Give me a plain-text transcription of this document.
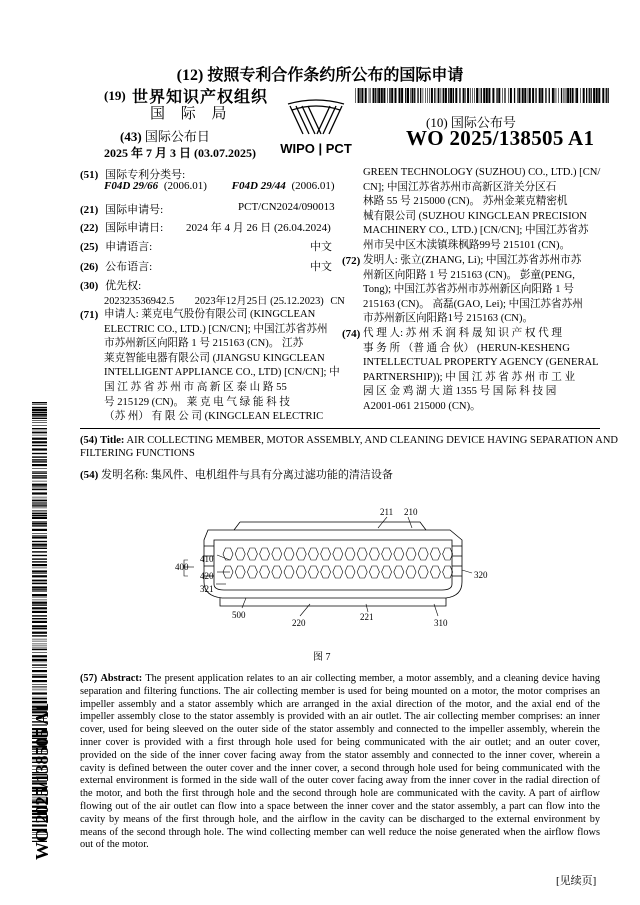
(12) 按照专利合作条约所公布的国际申请
(19) 世界知识产权组织
国 际 局
(43) 国际公布日
2025 年 7 月 3 日 (03.07.2025) WIPO | PCT
(10) 国际公布号
WO 2025/138505 A1
WO 2025/138505 A1
(51) 国际专利分类号:
F04D 29/66 (2006.01) F04D 29/44 (2006.01)
(21) 国际申请号:	PCT/CN2024/090013
(22) 国际申请日: 2024 年 4 月 26 日 (26.04.2024)
(25) 申请语言:	中文
(26) 公布语言:	中文
(30) 优先权:
202323536942.5 2023年12月25日 (25.12.2023) CN
(71) 申请人: 莱克电气股份有限公司 (KINGCLEAN
ELECTRIC CO., LTD.) [CN/CN]; 中国江苏省苏州
市苏州新区向阳路 1 号 215163 (CN)。 江苏
莱克智能电器有限公司 (JIANGSU KINGCLEAN
INTELLIGENT APPLIANCE CO., LTD) [CN/CN]; 中
国 江 苏 省 苏 州 市 高 新 区 泰 山 路 55
号 215129 (CN)。 莱 克 电 气 绿 能 科 技
（苏 州） 有 限 公 司 (KINGCLEAN ELECTRIC
GREEN TECHNOLOGY (SUZHOU) CO., LTD.) [CN/
CN]; 中国江苏省苏州市高新区浒关分区石
林路 55 号 215000 (CN)。 苏州金莱克精密机
械有限公司 (SUZHOU KINGCLEAN PRECISION
MACHINERY CO., LTD.) [CN/CN]; 中国江苏省苏
州市吴中区木渎镇珠枫路99号 215101 (CN)。
(72) 发明人: 张立(ZHANG, Li); 中国江苏省苏州市苏
州新区向阳路 1 号 215163 (CN)。 彭童(PENG,
Tong); 中国江苏省苏州市苏州新区向阳路 1 号
215163 (CN)。 高磊(GAO, Lei); 中国江苏省苏州
市苏州新区向阳路1号 215163 (CN)。
(74) 代 理 人: 苏 州 禾 润 科 晟 知 识 产 权 代 理
事 务 所 （普 通 合 伙） (HERUN-KESHENG
INTELLECTUAL PROPERTY AGENCY (GENERAL
PARTNERSHIP)); 中 国 江 苏 省 苏 州 市 工 业
园 区 金 鸡 湖 大 道 1355 号 国 际 科 技 园
A2001-061 215000 (CN)。
(54) Title: AIR COLLECTING MEMBER, MOTOR ASSEMBLY, AND CLEANING DEVICE HAVING SEPARATION AND
FILTERING FUNCTIONS
(54) 发明名称: 集风件、电机组件与具有分离过滤功能的清洁设备
211 210
400
410
420
321
320
500
220
221
310
图 7
(57) Abstract: The present application relates to an air collecting member, a motor assembly, and a cleaning device having separation and filtering functions. The air collecting member is used for being mounted on a motor, the motor comprises an impeller assembly and a stator assembly which are arranged in the axial direction of the motor, and the axial end of the impeller assembly close to the stator assembly is provided with an air outlet. The air collecting member comprises: an inner cover, used for being sleeved on the outer side of the stator assembly and connected to the impeller assembly, wherein the inner cover is provided with a first through hole used for being communicated with the air outlet; and an outer cover, provided on the side of the inner cover facing away from the stator assembly and connected to the inner cover, wherein a cavity is defined between the outer cover and the inner cover, a second through hole used for being communicated with the external environment is formed in the side wall of the outer cover facing away from the inner cover in the radial direction of the motor, and both the first through hole and the second through hole are communicated with the cavity. A part of airflow flowing out of the air outlet can flow into a space between the inner cover and the stator assembly, a part can flow into the cavity by means of the first through hole, and the airflow in the cavity can be discharged to the external environment by means of the second through hole. The wind collecting member can well reduce the noise generated when the airflow flows out of the motor.
[见续页]
